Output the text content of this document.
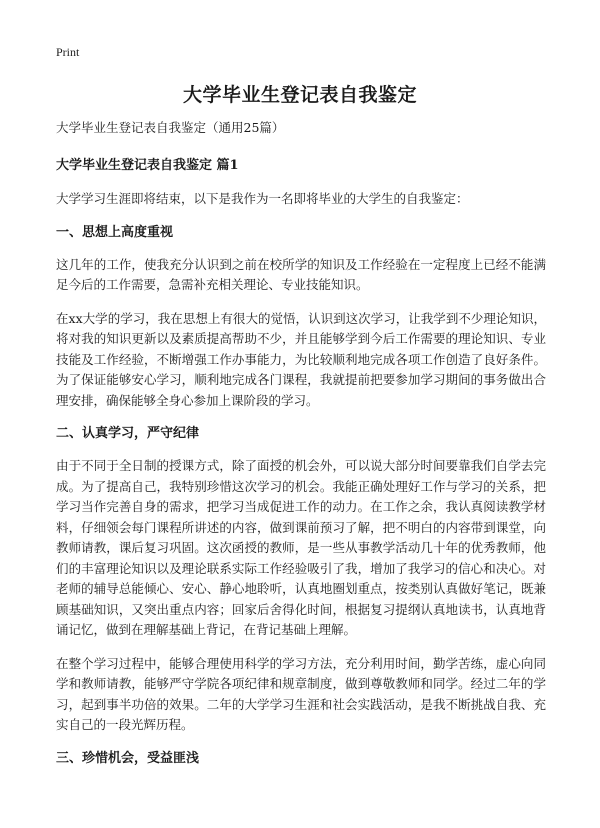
Print
大学毕业生登记表自我鉴定
大学毕业生登记表自我鉴定（通用25篇）
大学毕业生登记表自我鉴定 篇1

大学学习生涯即将结束，以下是我作为一名即将毕业的大学生的自我鉴定：

一、思想上高度重视

这几年的工作，使我充分认识到之前在校所学的知识及工作经验在一定程度上已经不能满足今后的工作需要，急需补充相关理论、专业技能知识。

在xx大学的学习，我在思想上有很大的觉悟，认识到这次学习，让我学到不少理论知识，将对我的知识更新以及素质提高帮助不少，并且能够学到今后工作需要的理论知识、专业技能及工作经验，不断增强工作办事能力，为比较顺利地完成各项工作创造了良好条件。为了保证能够安心学习，顺利地完成各门课程，我就提前把要参加学习期间的事务做出合理安排，确保能够全身心参加上课阶段的学习。

二、认真学习，严守纪律

由于不同于全日制的授课方式，除了面授的机会外，可以说大部分时间要靠我们自学去完成。为了提高自己，我特别珍惜这次学习的机会。我能正确处理好工作与学习的关系，把学习当作完善自身的需求，把学习当成促进工作的动力。在工作之余，我认真阅读教学材料，仔细领会每门课程所讲述的内容，做到课前预习了解，把不明白的内容带到课堂，向教师请教，课后复习巩固。这次函授的教师，是一些从事教学活动几十年的优秀教师，他们的丰富理论知识以及理论联系实际工作经验吸引了我，增加了我学习的信心和决心。对老师的辅导总能倾心、安心、静心地聆听，认真地圈划重点，按类别认真做好笔记，既兼顾基础知识，又突出重点内容；回家后舍得化时间，根据复习提纲认真地读书，认真地背诵记忆，做到在理解基础上背记，在背记基础上理解。

在整个学习过程中，能够合理使用科学的学习方法，充分利用时间，勤学苦练，虚心向同学和教师请教，能够严守学院各项纪律和规章制度，做到尊敬教师和同学。经过二年的学习，起到事半功倍的效果。二年的大学学习生涯和社会实践活动，是我不断挑战自我、充实自己的一段光辉历程。

三、珍惜机会，受益匪浅
